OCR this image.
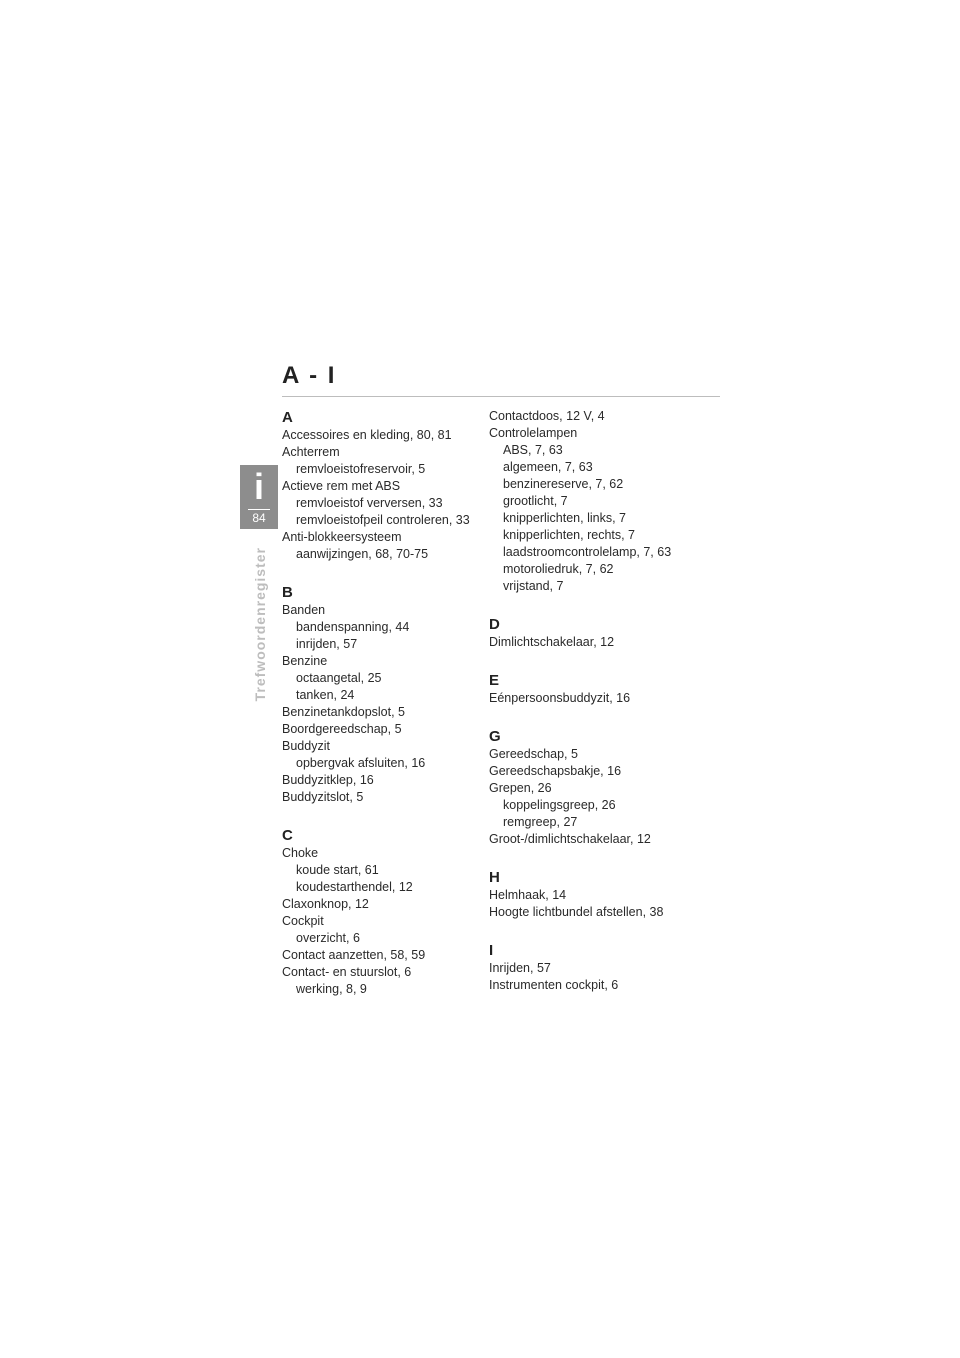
A - I
i
84
Trefwoordenregister
A
Accessoires en kleding, 80, 81
Achterrem
remvloeistofreservoir, 5
Actieve rem met ABS
remvloeistof verversen, 33
remvloeistofpeil controleren, 33
Anti-blokkeersysteem
aanwijzingen, 68, 70-75
B
Banden
bandenspanning, 44
inrijden, 57
Benzine
octaangetal, 25
tanken, 24
Benzinetankdopslot, 5
Boordgereedschap, 5
Buddyzit
opbergvak afsluiten, 16
Buddyzitklep, 16
Buddyzitslot, 5
C
Choke
koude start, 61
koudestarthendel, 12
Claxonknop, 12
Cockpit
overzicht, 6
Contact aanzetten, 58, 59
Contact- en stuurslot, 6
werking, 8, 9
Contactdoos, 12 V, 4
Controlelampen
ABS, 7, 63
algemeen, 7, 63
benzinereserve, 7, 62
grootlicht, 7
knipperlichten, links, 7
knipperlichten, rechts, 7
laadstroomcontrolelamp, 7, 63
motoroliedruk, 7, 62
vrijstand, 7
D
Dimlichtschakelaar, 12
E
Eénpersoonsbuddyzit, 16
G
Gereedschap, 5
Gereedschapsbakje, 16
Grepen, 26
koppelingsgreep, 26
remgreep, 27
Groot-/dimlichtschakelaar, 12
H
Helmhaak, 14
Hoogte lichtbundel afstellen, 38
I
Inrijden, 57
Instrumenten cockpit, 6
